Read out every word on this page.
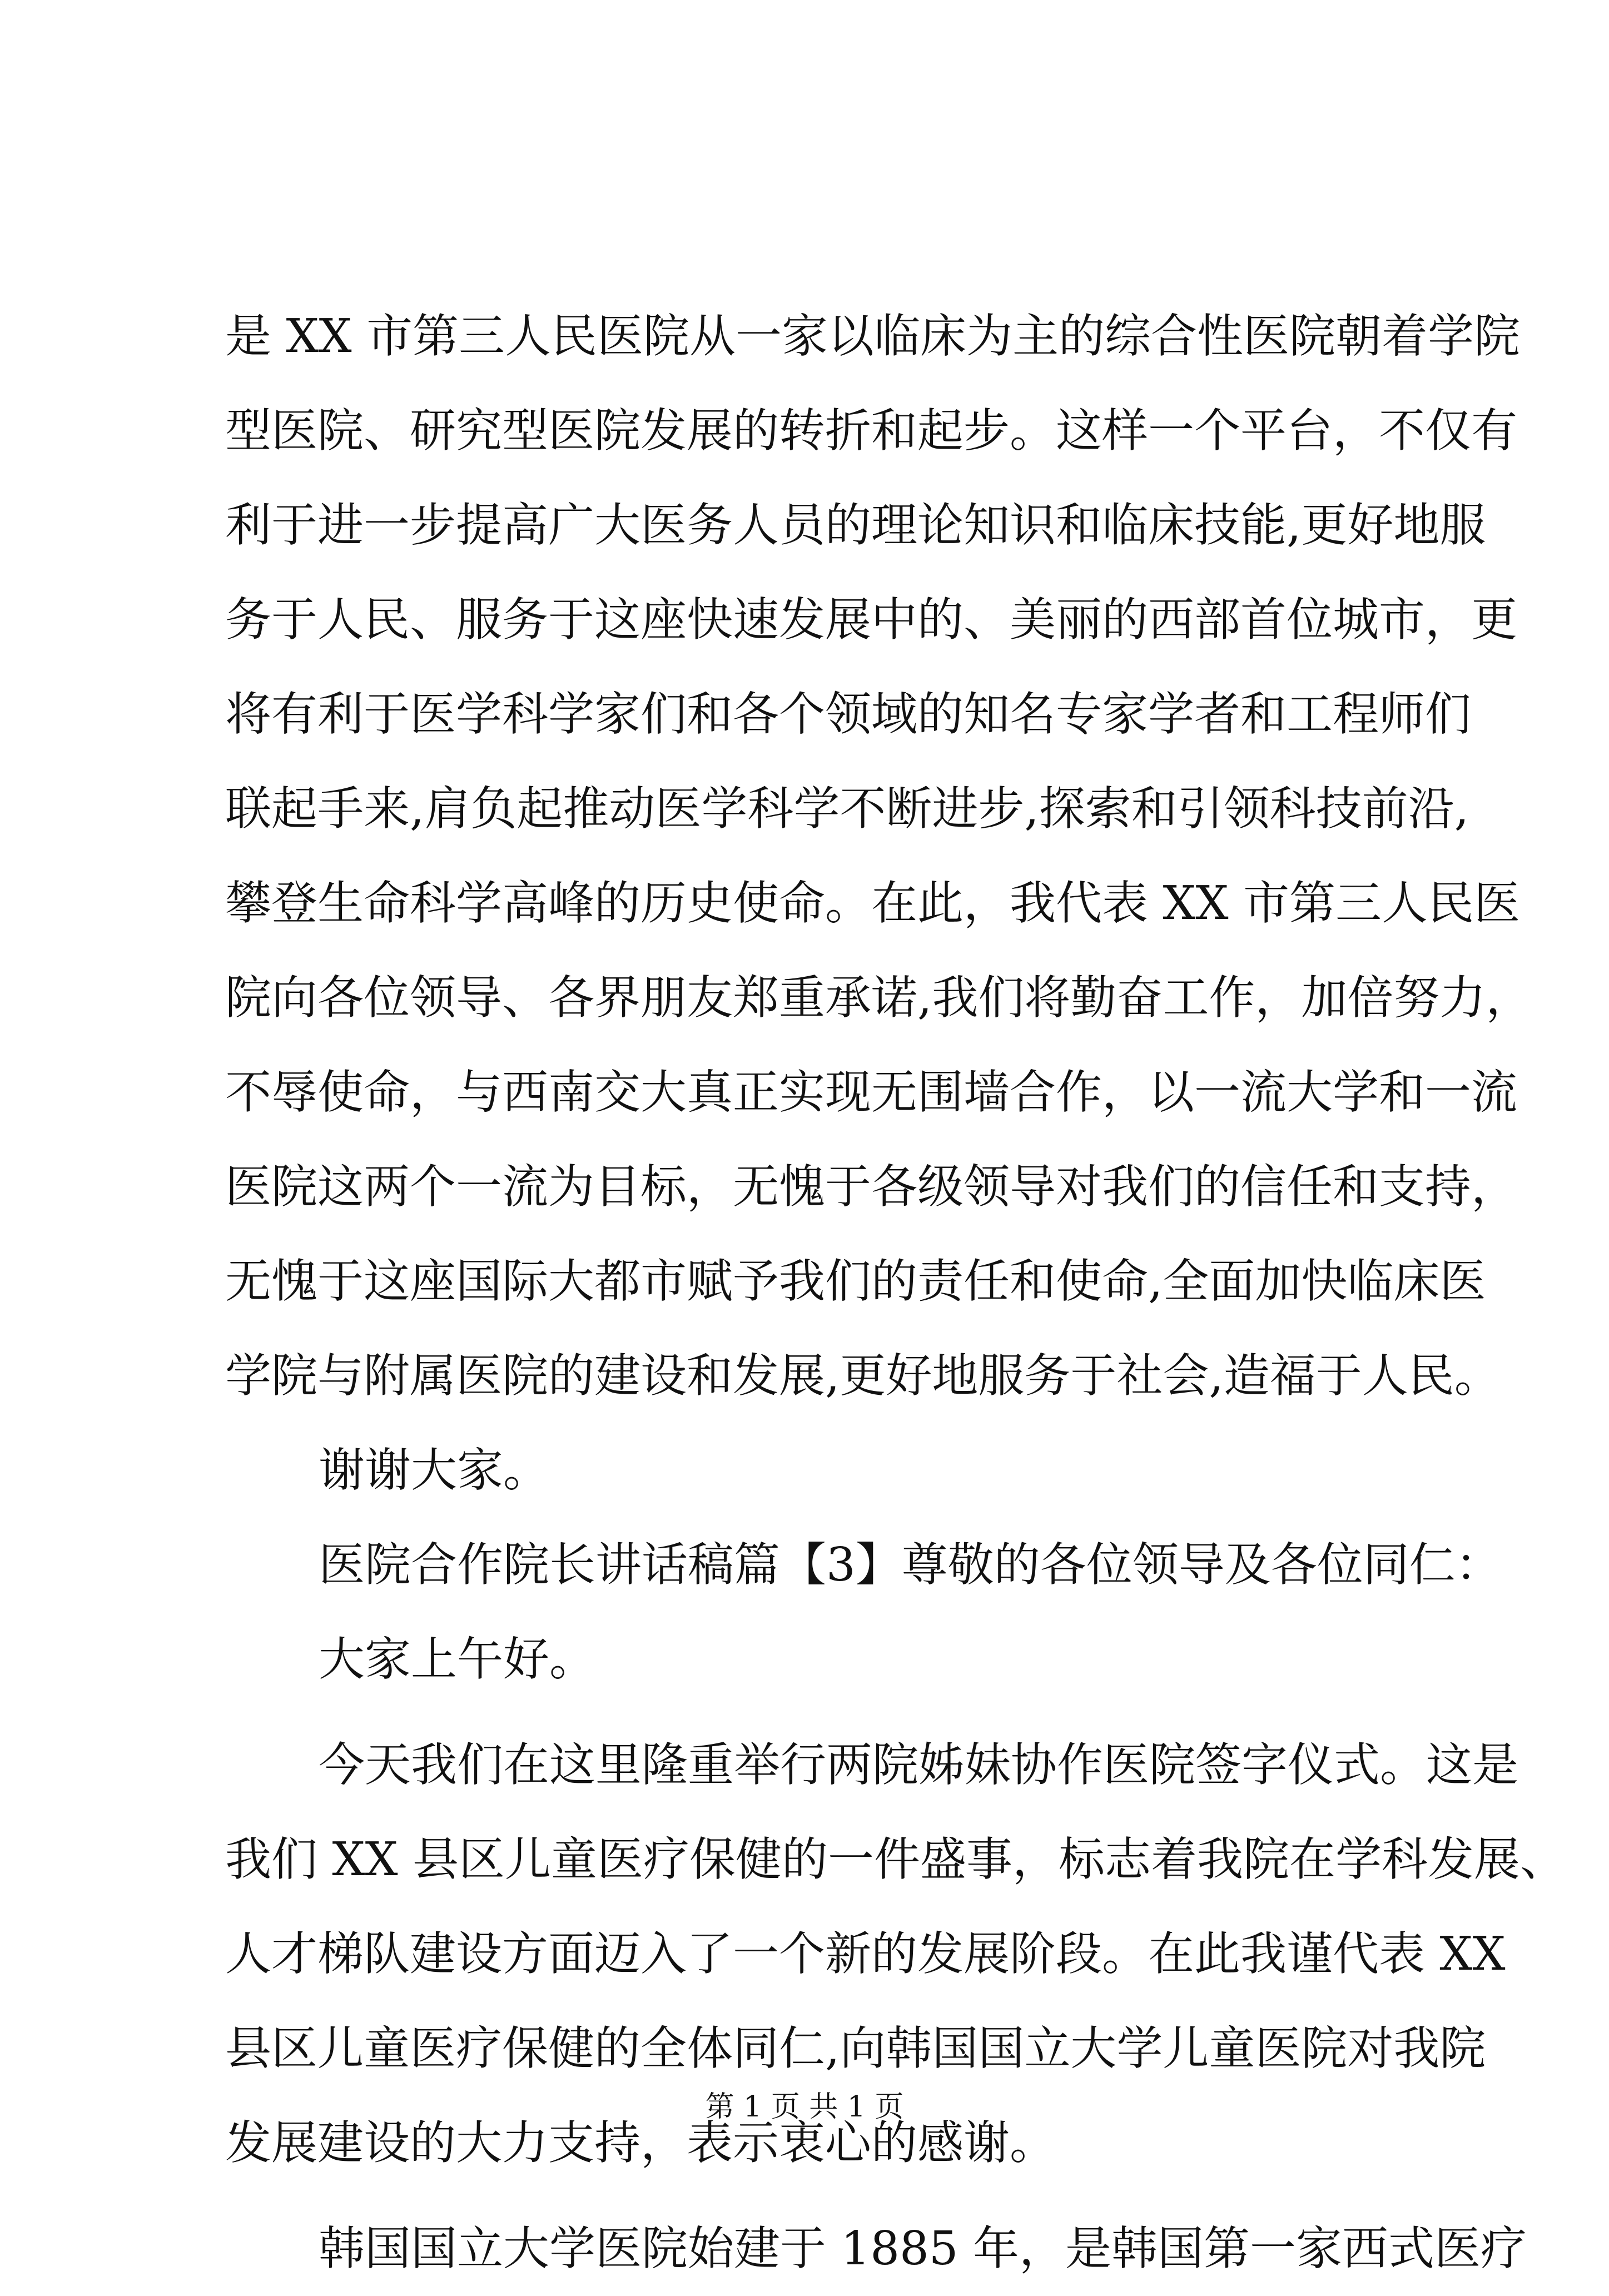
是 XX 市第三人民医院从一家以临床为主的综合性医院朝着学院
型医院、研究型医院发展的转折和起步。这样一个平台，不仅有
利于进一步提高广大医务人员的理论知识和临床技能,更好地服
务于人民、服务于这座快速发展中的、美丽的西部首位城市，更
将有利于医学科学家们和各个领域的知名专家学者和工程师们
联起手来,肩负起推动医学科学不断进步,探索和引领科技前沿,
攀登生命科学高峰的历史使命。在此，我代表 XX 市第三人民医
院向各位领导、各界朋友郑重承诺,我们将勤奋工作，加倍努力，
不辱使命，与西南交大真正实现无围墙合作，以一流大学和一流
医院这两个一流为目标，无愧于各级领导对我们的信任和支持，
无愧于这座国际大都市赋予我们的责任和使命,全面加快临床医
学院与附属医院的建设和发展,更好地服务于社会,造福于人民。
谢谢大家。
医院合作院长讲话稿篇【3】尊敬的各位领导及各位同仁：
大家上午好。
今天我们在这里隆重举行两院姊妹协作医院签字仪式。这是
我们 XX 县区儿童医疗保健的一件盛事，标志着我院在学科发展、
人才梯队建设方面迈入了一个新的发展阶段。在此我谨代表 XX
县区儿童医疗保健的全体同仁,向韩国国立大学儿童医院对我院
发展建设的大力支持，表示衷心的感谢。
韩国国立大学医院始建于 1885 年，是韩国第一家西式医疗
第 1 页 共 1 页
